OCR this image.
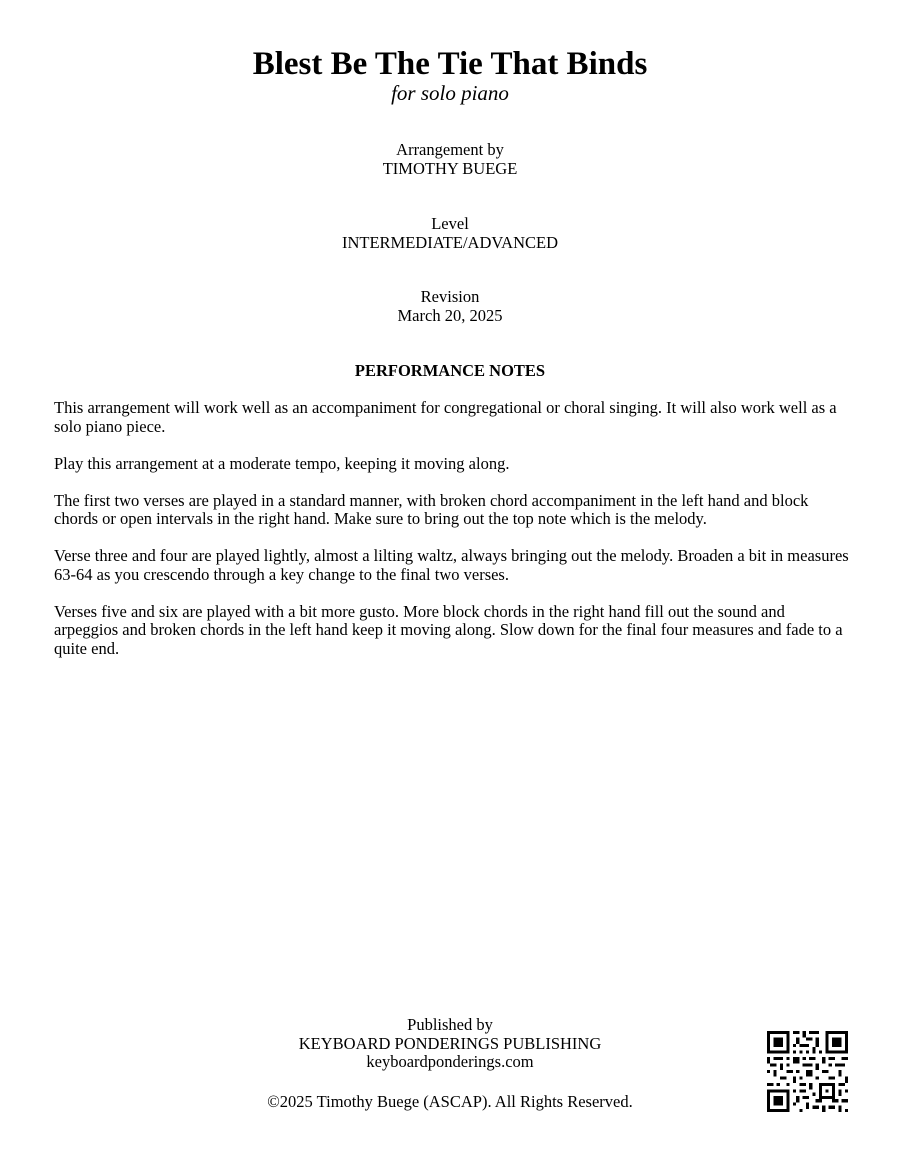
Blest Be The Tie That Binds
for solo piano
Arrangement by
TIMOTHY BUEGE
Level
INTERMEDIATE/ADVANCED
Revision
March 20, 2025
PERFORMANCE NOTES

This arrangement will work well as an accompaniment for congregational or choral singing. It will also work well as a solo piano piece.

Play this arrangement at a moderate tempo, keeping it moving along.

The first two verses are played in a standard manner, with broken chord accompaniment in the left hand and block chords or open intervals in the right hand. Make sure to bring out the top note which is the melody.

Verse three and four are played lightly, almost a lilting waltz, always bringing out the melody. Broaden a bit in measures 63-64 as you crescendo through a key change to the final two verses.

Verses five and six are played with a bit more gusto. More block chords in the right hand fill out the sound and arpeggios and broken chords in the left hand keep it moving along. Slow down for the final four measures and fade to a quite end.

Published by
KEYBOARD PONDERINGS PUBLISHING
keyboardponderings.com
©2025 Timothy Buege (ASCAP). All Rights Reserved.
